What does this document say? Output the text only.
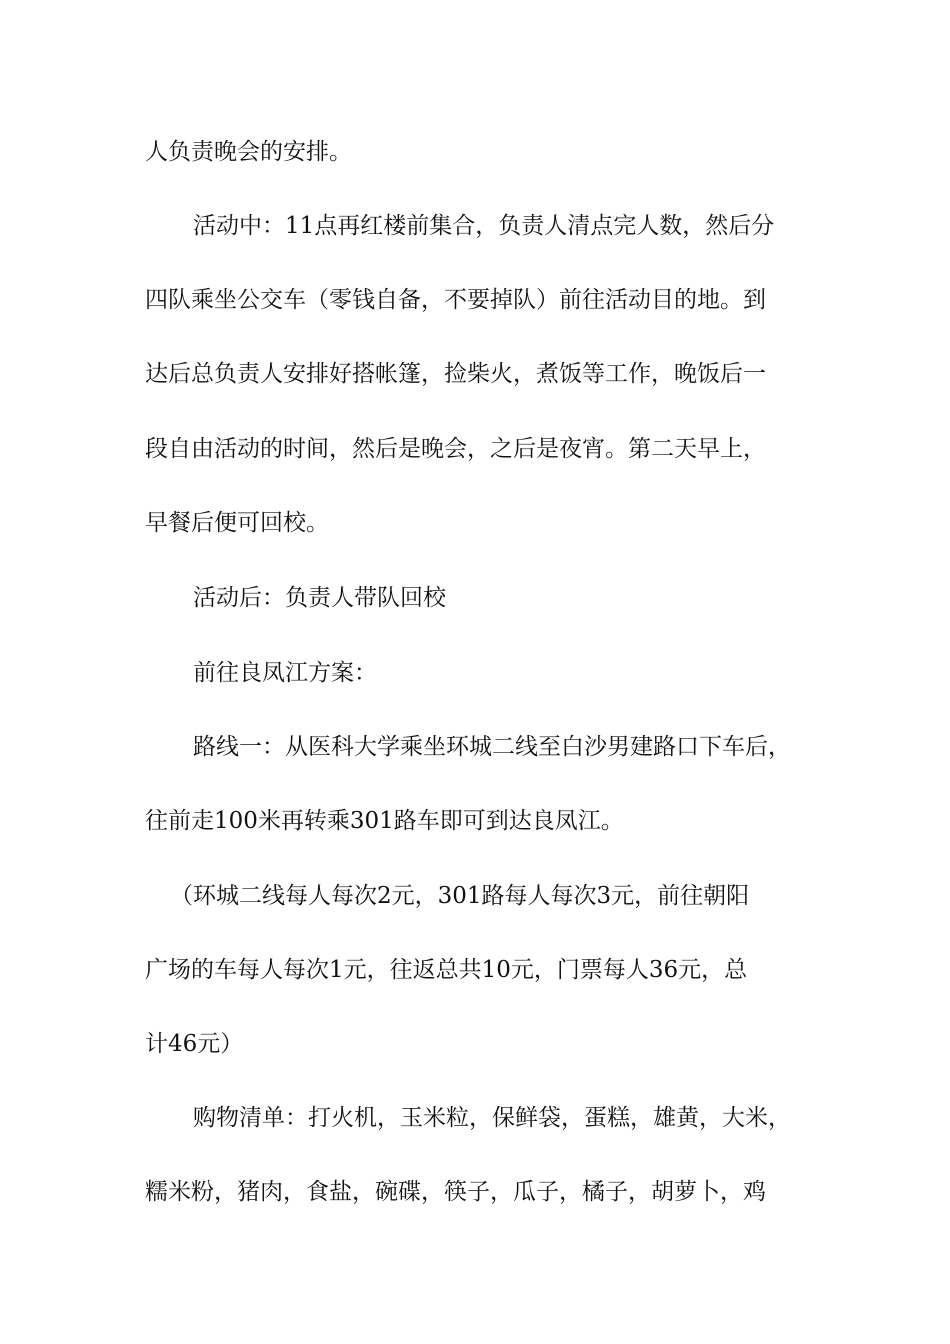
人负责晚会的安排。
活动中：11点再红楼前集合，负责人清点完人数，然后分
四队乘坐公交车（零钱自备，不要掉队）前往活动目的地。到
达后总负责人安排好搭帐篷，捡柴火，煮饭等工作，晚饭后一
段自由活动的时间，然后是晚会，之后是夜宵。第二天早上，
早餐后便可回校。
活动后：负责人带队回校
前往良凤江方案：
路线一：从医科大学乘坐环城二线至白沙男建路口下车后，
往前走100米再转乘301路车即可到达良凤江。
（环城二线每人每次2元，301路每人每次3元，前往朝阳
广场的车每人每次1元，往返总共10元，门票每人36元，总
计46元）
购物清单：打火机，玉米粒，保鲜袋，蛋糕，雄黄，大米，
糯米粉，猪肉，食盐，碗碟，筷子，瓜子，橘子，胡萝卜，鸡
